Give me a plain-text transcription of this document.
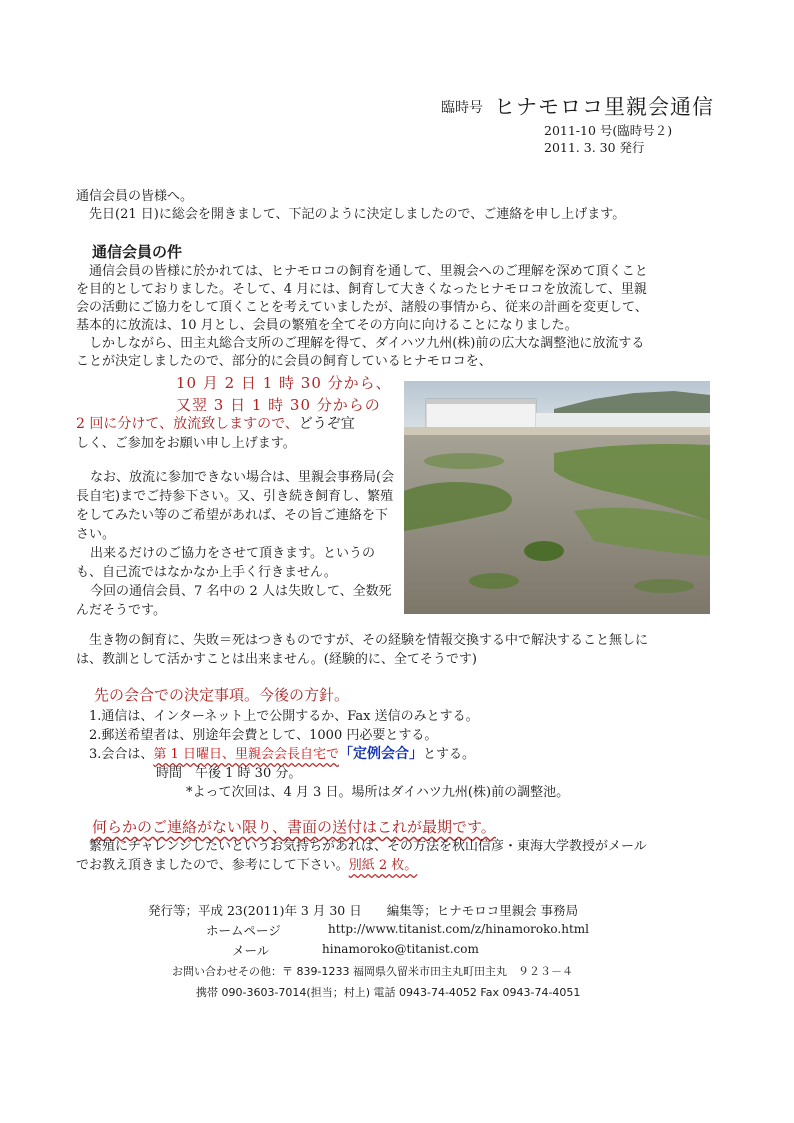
臨時号 ヒナモロコ里親会通信
2011-10 号(臨時号２)
2011. 3. 30 発行
通信会員の皆様へ。
先日(21 日)に総会を開きまして、下記のように決定しましたので、ご連絡を申し上げます。
通信会員の件
通信会員の皆様に於かれては、ヒナモロコの飼育を通して、里親会へのご理解を深めて頂くこと
を目的としておりました。そして、4 月には、飼育して大きくなったヒナモロコを放流して、里親
会の活動にご協力をして頂くことを考えていましたが、諸般の事情から、従来の計画を変更して、
基本的に放流は、10 月とし、会員の繁殖を全てその方向に向けることになりました。
しかしながら、田主丸総合支所のご理解を得て、ダイハツ九州(株)前の広大な調整池に放流する
ことが決定しましたので、部分的に会員の飼育しているヒナモロコを、
10 月 2 日 1 時 30 分から、
又翌 3 日 1 時 30 分からの
2 回に分けて、放流致しますので、どうぞ宜
しく、ご参加をお願い申し上げます。
なお、放流に参加できない場合は、里親会事務局(会長自宅)までご持参下さい。又、引き続き飼育し、繁殖をしてみたい等のご希望があれば、その旨ご連絡を下さい。
出来るだけのご協力をさせて頂きます。というのも、自己流ではなかなか上手く行きません。
今回の通信会員、7 名中の 2 人は失敗して、全数死んだそうです。
生き物の飼育に、失敗＝死はつきものですが、その経験を情報交換する中で解決すること無しに
は、教訓として活かすことは出来ません。(経験的に、全てそうです)
先の会合での決定事項。今後の方針。
1.通信は、インターネット上で公開するか、Fax 送信のみとする。
2.郵送希望者は、別途年会費として、1000 円必要とする。
3.会合は、第 1 日曜日、里親会会長自宅で「定例会合」とする。
時間　午後 1 時 30 分。
*よって次回は、4 月 3 日。場所はダイハツ九州(株)前の調整池。
何らかのご連絡がない限り、書面の送付はこれが最期です。
繁殖にチャレンジしたいというお気持ちがあれば、その方法を秋山信彦・東海大学教授がメール
でお教え頂きましたので、参考にして下さい。別紙 2 枚。
発行等；平成 23(2011)年 3 月 30 日　　編集等；ヒナモロコ里親会 事務局
ホームページ	http://www.titanist.com/z/hinamoroko.html
メール	hinamoroko@titanist.com
お問い合わせその他：〒 839-1233 福岡県久留米市田主丸町田主丸　９２３－４
携帯 090-3603-7014(担当；村上) 電話 0943-74-4052 Fax 0943-74-4051
